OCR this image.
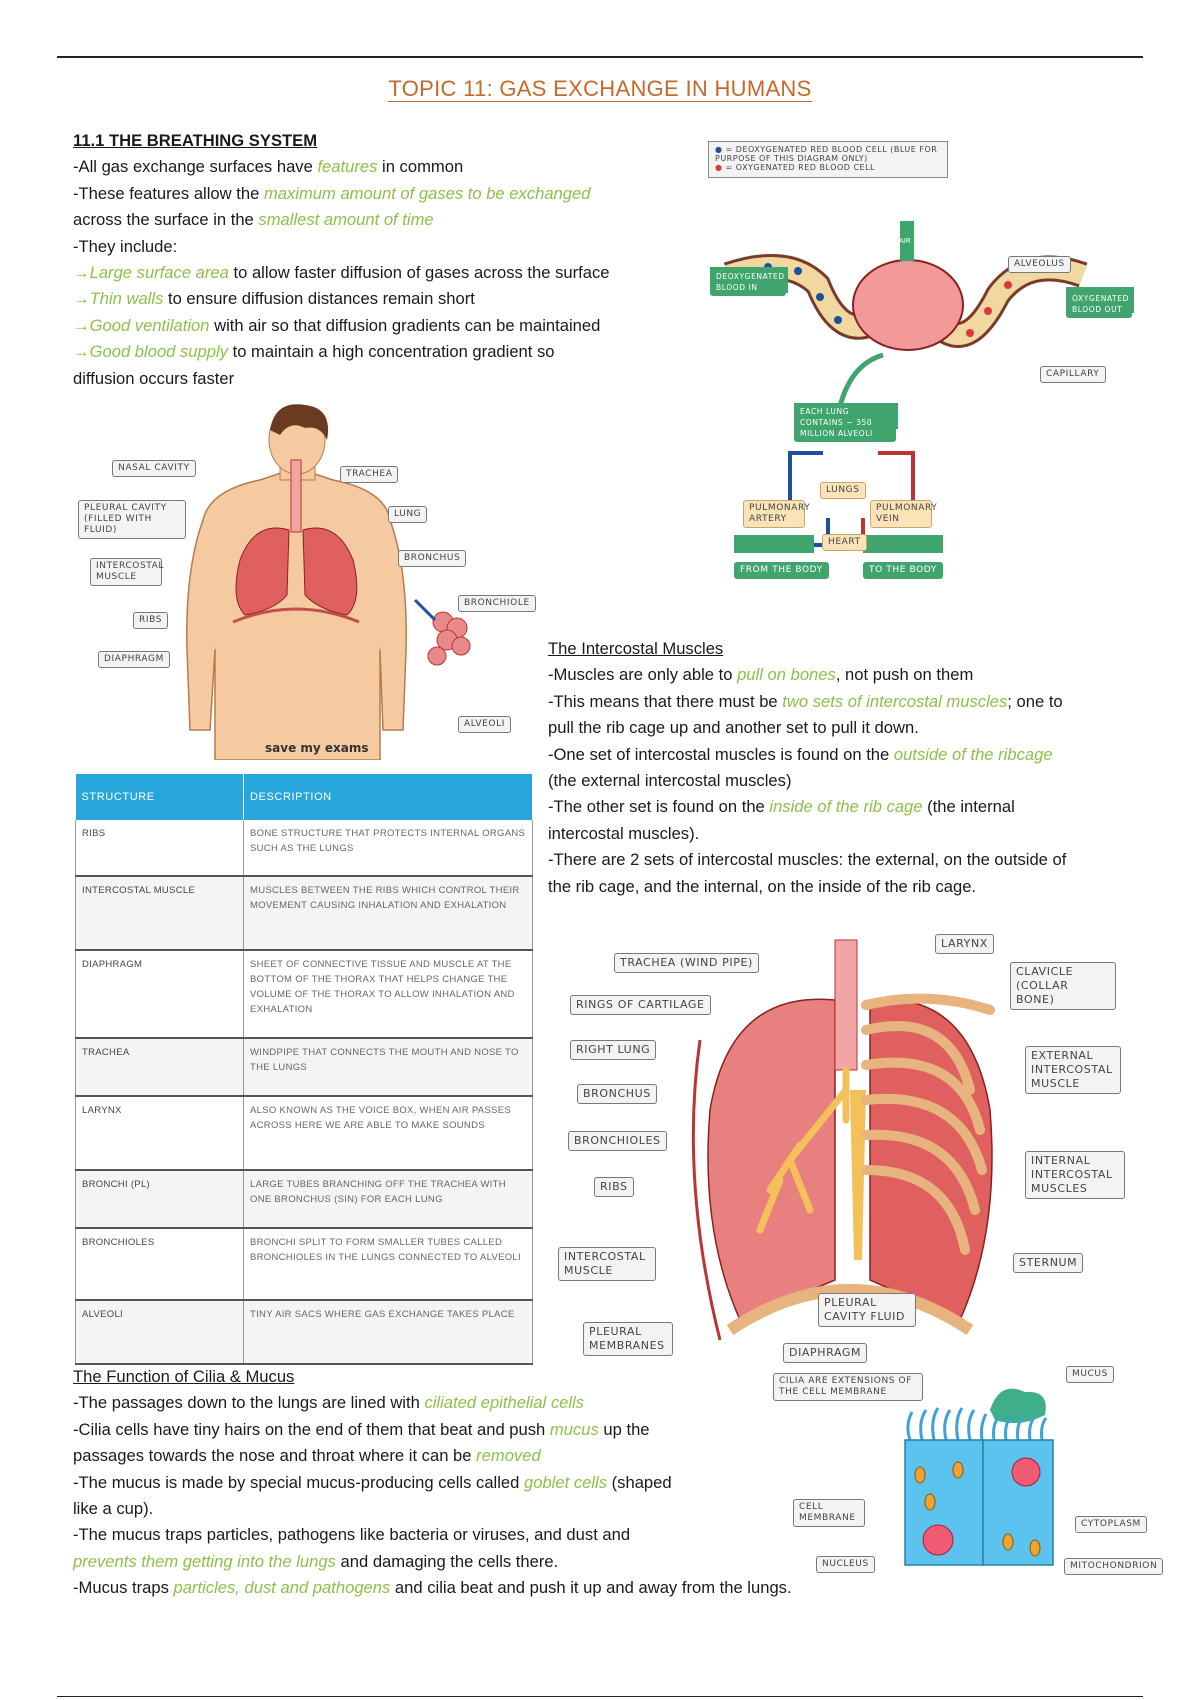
TOPIC 11: GAS EXCHANGE IN HUMANS
11.1 THE BREATHING SYSTEM
-All gas exchange surfaces have features in common
-These features allow the maximum amount of gases to be exchanged
across the surface in the smallest amount of time
-They include:
→Large surface area to allow faster diffusion of gases across the surface
→Thin walls to ensure diffusion distances remain short
→Good ventilation with air so that diffusion gradients can be maintained
→Good blood supply to maintain a high concentration gradient so
diffusion occurs faster
The Intercostal Muscles
-Muscles are only able to pull on bones, not push on them
-This means that there must be two sets of intercostal muscles; one to
pull the rib cage up and another set to pull it down.
-One set of intercostal muscles is found on the outside of the ribcage
(the external intercostal muscles)
-The other set is found on the inside of the rib cage (the internal
intercostal muscles).
-There are 2 sets of intercostal muscles: the external, on the outside of
the rib cage, and the internal, on the inside of the rib cage.
The Function of Cilia & Mucus
-The passages down to the lungs are lined with ciliated epithelial cells
-Cilia cells have tiny hairs on the end of them that beat and push mucus up the
passages towards the nose and throat where it can be removed
-The mucus is made by special mucus-producing cells called goblet cells (shaped
like a cup).
-The mucus traps particles, pathogens like bacteria or viruses, and dust and
prevents them getting into the lungs and damaging the cells there.
-Mucus traps particles, dust and pathogens and cilia beat and push it up and away from the lungs.
STRUCTURE	DESCRIPTION
RIBS	BONE STRUCTURE THAT PROTECTS INTERNAL ORGANS SUCH AS THE LUNGS
INTERCOSTAL MUSCLE	MUSCLES BETWEEN THE RIBS WHICH CONTROL THEIR MOVEMENT CAUSING INHALATION AND EXHALATION
DIAPHRAGM	SHEET OF CONNECTIVE TISSUE AND MUSCLE AT THE BOTTOM OF THE THORAX THAT HELPS CHANGE THE VOLUME OF THE THORAX TO ALLOW INHALATION AND EXHALATION
TRACHEA	WINDPIPE THAT CONNECTS THE MOUTH AND NOSE TO THE LUNGS
LARYNX	ALSO KNOWN AS THE VOICE BOX, WHEN AIR PASSES ACROSS HERE WE ARE ABLE TO MAKE SOUNDS
BRONCHI (PL)	LARGE TUBES BRANCHING OFF THE TRACHEA WITH ONE BRONCHUS (SIN) FOR EACH LUNG
BRONCHIOLES	BRONCHI SPLIT TO FORM SMALLER TUBES CALLED BRONCHIOLES IN THE LUNGS CONNECTED TO ALVEOLI
ALVEOLI	TINY AIR SACS WHERE GAS EXCHANGE TAKES PLACE
save my exams
NASAL CAVITY
PLEURAL CAVITY (FILLED WITH FLUID)
INTERCOSTAL MUSCLE
RIBS
DIAPHRAGM
TRACHEA
LUNG
BRONCHUS
BRONCHIOLE
ALVEOLI
● = DEOXYGENATED RED BLOOD CELL (BLUE FOR PURPOSE OF THIS DIAGRAM ONLY)
● = OXYGENATED RED BLOOD CELL
AIR
DEOXYGENATED BLOOD IN
OXYGENATED BLOOD OUT
ALVEOLUS
CAPILLARY
EACH LUNG CONTAINS ~ 350 MILLION ALVEOLI
LUNGS
PULMONARY ARTERY
PULMONARY VEIN
HEART
FROM THE BODY	TO THE BODY
TRACHEA (WIND PIPE)
RINGS OF CARTILAGE
RIGHT LUNG
BRONCHUS
BRONCHIOLES
RIBS
INTERCOSTAL MUSCLE
PLEURAL MEMBRANES
LARYNX
CLAVICLE (COLLAR BONE)
EXTERNAL INTERCOSTAL MUSCLE
INTERNAL INTERCOSTAL MUSCLES
STERNUM
PLEURAL CAVITY FLUID
DIAPHRAGM
CILIA ARE EXTENSIONS OF THE CELL MEMBRANE
MUCUS
CELL MEMBRANE
CYTOPLASM
NUCLEUS	MITOCHONDRION
